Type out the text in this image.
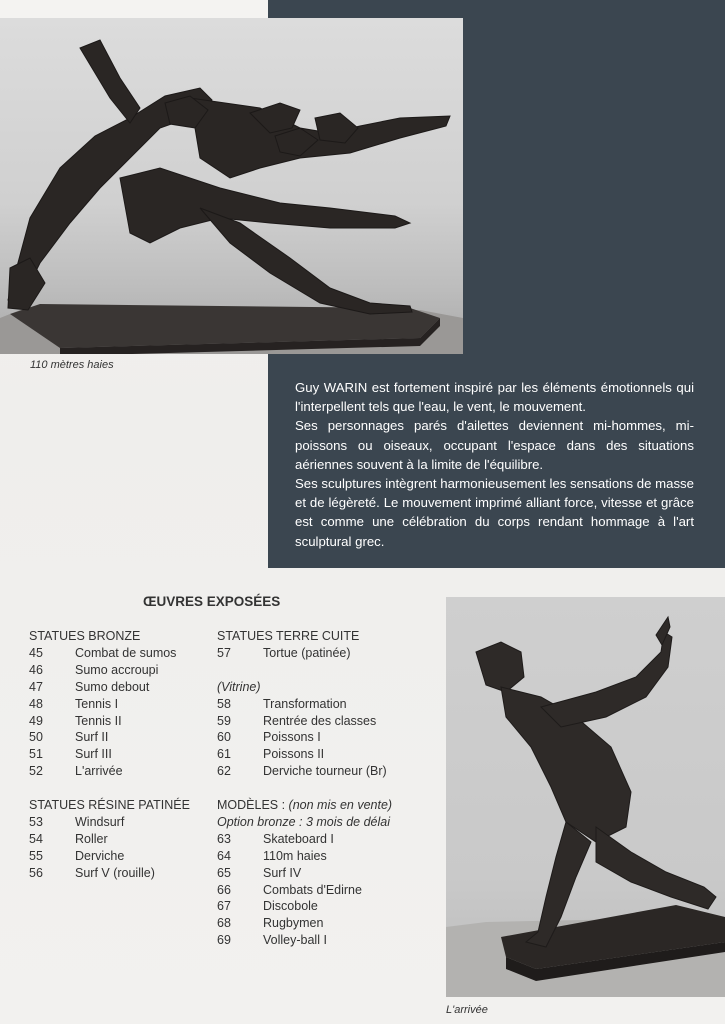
110 mètres haies

Guy WARIN est fortement inspiré par les éléments émotionnels qui l'interpellent tels que l'eau, le vent, le mouvement.

Ses personnages parés d'ailettes deviennent mi-hommes, mi-poissons ou oiseaux, occupant l'espace dans des situations aériennes souvent à la limite de l'équilibre.

Ses sculptures intègrent harmonieusement les sensations de masse et de légèreté. Le mouvement imprimé alliant force, vitesse et grâce est comme une célébration du corps rendant hommage à l'art sculptural grec.

ŒUVRES EXPOSÉES
STATUES BRONZE
45	Combat de sumos
46	Sumo accroupi
47	Sumo debout
48	Tennis I
49	Tennis II
50	Surf II
51	Surf III
52	L'arrivée
STATUES RÉSINE PATINÉE
53	Windsurf
54	Roller
55	Derviche
56	Surf V (rouille)
STATUES TERRE CUITE
57	Tortue (patinée)
(Vitrine)
58	Transformation
59	Rentrée des classes
60	Poissons I
61	Poissons II
62	Derviche tourneur (Br)
MODÈLES : (non mis en vente)
Option bronze : 3 mois de délai
63	Skateboard I
64	110m haies
65	Surf IV
66	Combats d'Edirne
67	Discobole
68	Rugbymen
69	Volley-ball I
L'arrivée
